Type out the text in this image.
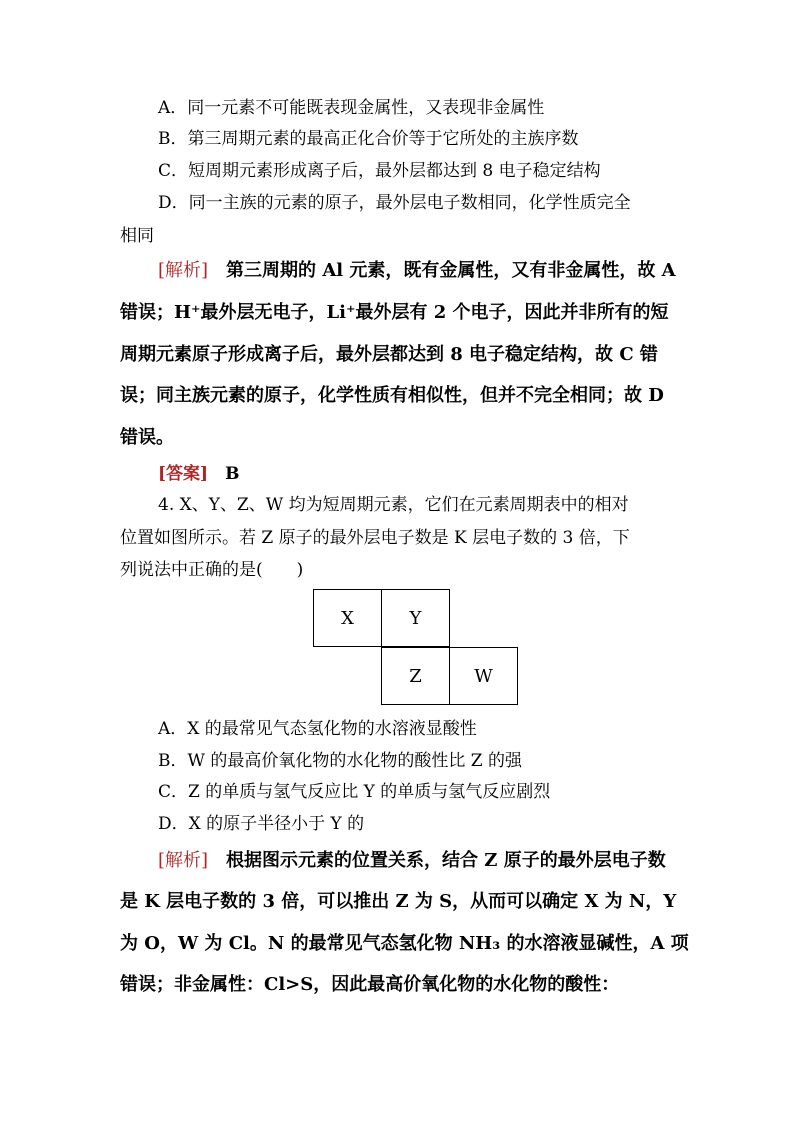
A．同一元素不可能既表现金属性，又表现非金属性
B．第三周期元素的最高正化合价等于它所处的主族序数
C．短周期元素形成离子后，最外层都达到 8 电子稳定结构
D．同一主族的元素的原子，最外层电子数相同，化学性质完全
相同
[解析]　 第三周期的 Al 元素，既有金属性，又有非金属性，故 A
错误；H⁺最外层无电子，Li⁺最外层有 2 个电子，因此并非所有的短
周期元素原子形成离子后，最外层都达到 8 电子稳定结构，故 C 错
误；同主族元素的原子，化学性质有相似性，但并不完全相同；故 D
错误。
[答案]　 B
4. X、Y、Z、W 均为短周期元素，它们在元素周期表中的相对
位置如图所示。若 Z 原子的最外层电子数是 K 层电子数的 3 倍，下
列说法中正确的是(　　)
X	Y
Z	W
A．X 的最常见气态氢化物的水溶液显酸性
B．W 的最高价氧化物的水化物的酸性比 Z 的强
C．Z 的单质与氢气反应比 Y 的单质与氢气反应剧烈
D．X 的原子半径小于 Y 的
[解析]　 根据图示元素的位置关系，结合 Z 原子的最外层电子数
是 K 层电子数的 3 倍，可以推出 Z 为 S，从而可以确定 X 为 N，Y
为 O，W 为 Cl。N 的最常见气态氢化物 NH₃ 的水溶液显碱性，A 项
错误；非金属性：Cl>S，因此最高价氧化物的水化物的酸性：
